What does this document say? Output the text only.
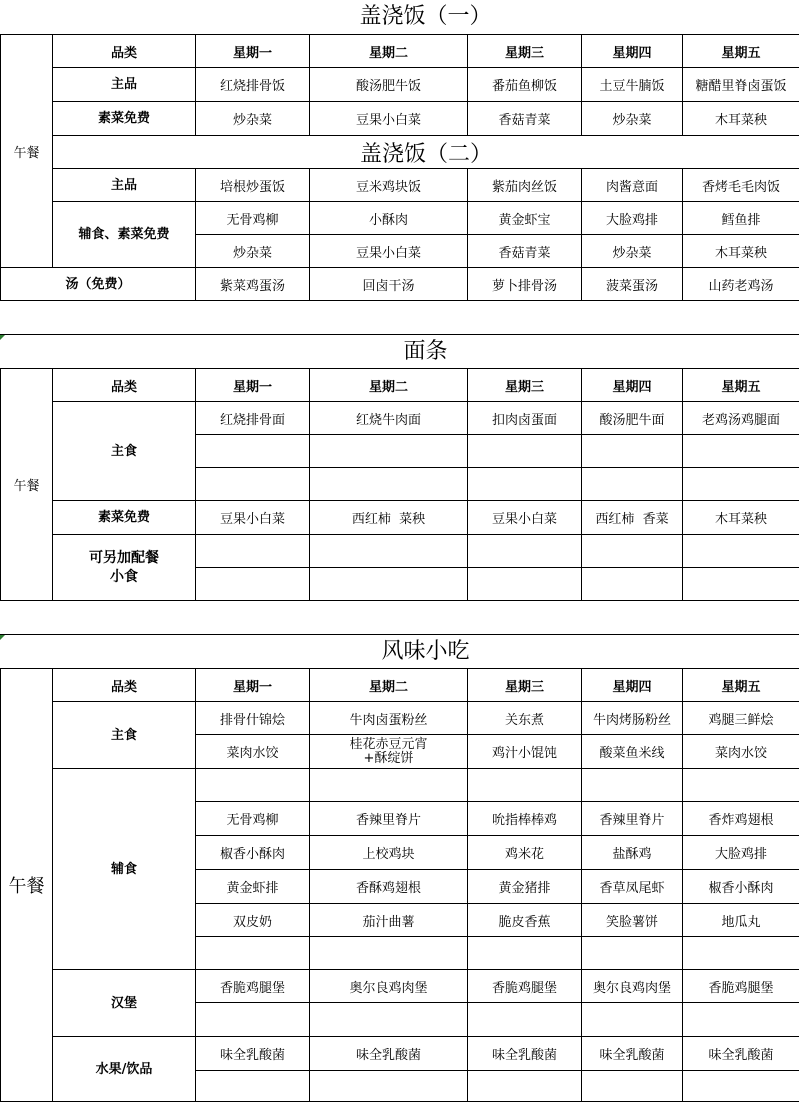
盖浇饭（一）
午餐	品类	星期一	星期二	星期三	星期四	星期五
	主品	红烧排骨饭	酸汤肥牛饭	番茄鱼柳饭	土豆牛腩饭	糖醋里脊卤蛋饭
	素菜免费	炒杂菜	豆果小白菜	香菇青菜	炒杂菜	木耳菜秧
	盖浇饭（二）					
	主品	培根炒蛋饭	豆米鸡块饭	紫茄肉丝饭	肉酱意面	香烤毛毛肉饭
	辅食、素菜免费	无骨鸡柳	小酥肉	黄金虾宝	大脸鸡排	鳕鱼排
		炒杂菜	豆果小白菜	香菇青菜	炒杂菜	木耳菜秧
汤（免费）	紫菜鸡蛋汤	回卤干汤	萝卜排骨汤	菠菜蛋汤	山药老鸡汤
面条
午餐	品类	星期一	星期二	星期三	星期四	星期五
	主食	红烧排骨面	红烧牛肉面	扣肉卤蛋面	酸汤肥牛面	老鸡汤鸡腿面

	素菜免费	豆果小白菜	西红柿  菜秧	豆果小白菜	西红柿  香菜	木耳菜秧
	可另加配餐小食					

风味小吃
午餐	品类	星期一	星期二	星期三	星期四	星期五
	主食	排骨什锦烩	牛肉卤蛋粉丝	关东煮	牛肉烤肠粉丝	鸡腿三鲜烩
		菜肉水饺	桂花赤豆元宵+酥绽饼	鸡汁小馄饨	酸菜鱼米线	菜肉水饺
	辅食					
		无骨鸡柳	香辣里脊片	吮指棒棒鸡	香辣里脊片	香炸鸡翅根
		椒香小酥肉	上校鸡块	鸡米花	盐酥鸡	大脸鸡排
		黄金虾排	香酥鸡翅根	黄金猪排	香草凤尾虾	椒香小酥肉
		双皮奶	茄汁曲薯	脆皮香蕉	笑脸薯饼	地瓜丸

	汉堡	香脆鸡腿堡	奥尔良鸡肉堡	香脆鸡腿堡	奥尔良鸡肉堡	香脆鸡腿堡

	水果/饮品	味全乳酸菌	味全乳酸菌	味全乳酸菌	味全乳酸菌	味全乳酸菌
